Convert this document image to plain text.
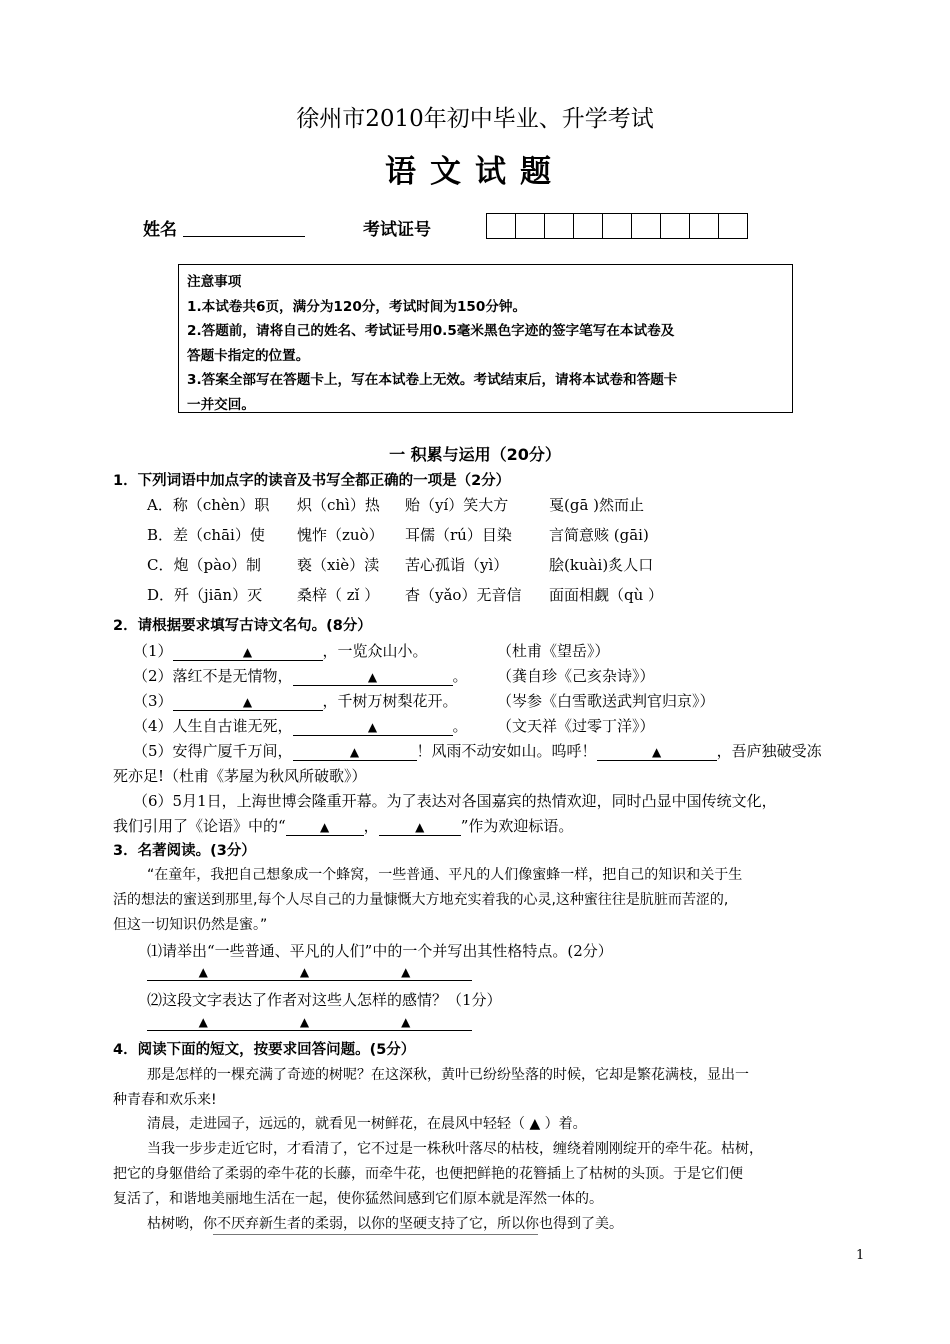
徐州市2010年初中毕业、升学考试
语文试题
姓名	考试证号
注意事项
1.本试卷共6页，满分为120分，考试时间为150分钟。
2.答题前，请将自己的姓名、考试证号用0.5毫米黑色字迹的签字笔写在本试卷及
答题卡指定的位置。
3.答案全部写在答题卡上，写在本试卷上无效。考试结束后，请将本试卷和答题卡
一并交回。
一 积累与运用（20分）
1．下列词语中加点字的读音及书写全都正确的一项是（2分）
A．称（chèn）职 炽（chì）热 贻（yí）笑大方	戛(gā )然而止
B．差（chāi）使 愧怍（zuò） 耳儒（rú）目染 言简意赅 (gāi)
C．炮（pào）制 亵（xiè）渎 苦心孤诣（yì）	脍(kuài)炙人口
D．歼（jiān）灭 桑梓（ zǐ ） 杳（yǎo）无音信 面面相觑（qù ）
2．请根据要求填写古诗文名句。(8分）
（1）	▲	，一览众山小。	（杜甫《望岳》）
（2）落红不是无情物，	▲	。 （龚自珍《己亥杂诗》）
（3）	▲	，千树万树梨花开。	（岑参《白雪歌送武判官归京》）
（4）人生自古谁无死，	▲	。 （文天祥《过零丁洋》）
（5）安得广厦千万间，	▲	！风雨不动安如山。呜呼！	▲	，吾庐独破受冻
死亦足!（杜甫《茅屋为秋风所破歌》）
（6）5月1日，上海世博会隆重开幕。为了表达对各国嘉宾的热情欢迎，同时凸显中国传统文化，
我们引用了《论语》中的“	▲ ，	▲ ”作为欢迎标语。
3．名著阅读。(3分）
“在童年，我把自己想象成一个蜂窝，一些普通、平凡的人们像蜜蜂一样，把自己的知识和关于生
活的想法的蜜送到那里,每个人尽自己的力量慷慨大方地充实着我的心灵,这种蜜往往是肮脏而苦涩的,
但这一切知识仍然是蜜。”
⑴请举出“一些普通、平凡的人们”中的一个并写出其性格特点。(2分）
▲	▲	▲
⑵这段文字表达了作者对这些人怎样的感情？（1分）
▲	▲	▲
4．阅读下面的短文，按要求回答问题。(5分）
那是怎样的一棵充满了奇迹的树呢？在这深秋，黄叶已纷纷坠落的时候，它却是繁花满枝，显出一
种青春和欢乐来!
清晨，走进园子，远远的，就看见一树鲜花，在晨风中轻轻（ ▲ ）着。
当我一步步走近它时，才看清了，它不过是一株秋叶落尽的枯枝，缠绕着刚刚绽开的牵牛花。枯树，
把它的身躯借给了柔弱的牵牛花的长藤，而牵牛花，也便把鲜艳的花簪插上了枯树的头顶。于是它们便
复活了，和谐地美丽地生活在一起，使你猛然间感到它们原本就是浑然一体的。
枯树哟，你不厌弃新生者的柔弱，以你的坚硬支持了它，所以你也得到了美。
1
